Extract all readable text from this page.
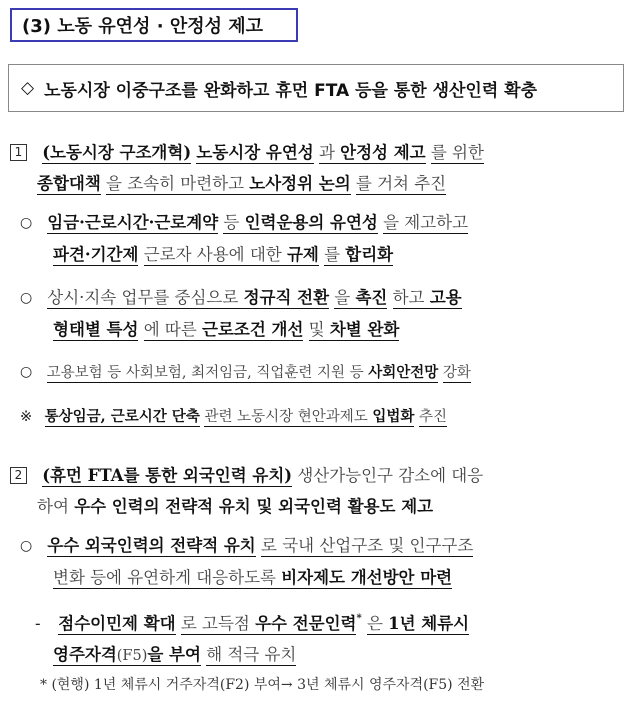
(3) 노동 유연성 · 안정성 제고
◇ 노동시장 이중구조를 완화하고 휴먼 FTA 등을 통한 생산인력 확충
1 (노동시장 구조개혁) 노동시장 유연성 과 안정성 제고 를 위한
종합대책 을 조속히 마련하고 노사정위 논의 를 거쳐 추진
○ 임금·근로시간·근로계약 등 인력운용의 유연성 을 제고하고
파견·기간제 근로자 사용에 대한 규제 를 합리화
○ 상시·지속 업무를 중심으로 정규직 전환 을 촉진 하고 고용
형태별 특성 에 따른 근로조건 개선 및 차별 완화
○ 고용보험 등 사회보험, 최저임금, 직업훈련 지원 등 사회안전망 강화
※ 통상임금, 근로시간 단축 관련 노동시장 현안과제도 입법화 추진
2 (휴먼 FTA를 통한 외국인력 유치) 생산가능인구 감소에 대응
하여 우수 인력의 전략적 유치 및 외국인력 활용도 제고
○ 우수 외국인력의 전략적 유치 로 국내 산업구조 및 인구구조
변화 등에 유연하게 대응하도록 비자제도 개선방안 마련
- 점수이민제 확대 로 고득점 우수 전문인력* 은 1년 체류시
영주자격(F5)을 부여 해 적극 유치
* (현행) 1년 체류시 거주자격(F2) 부여→ 3년 체류시 영주자격(F5) 전환
